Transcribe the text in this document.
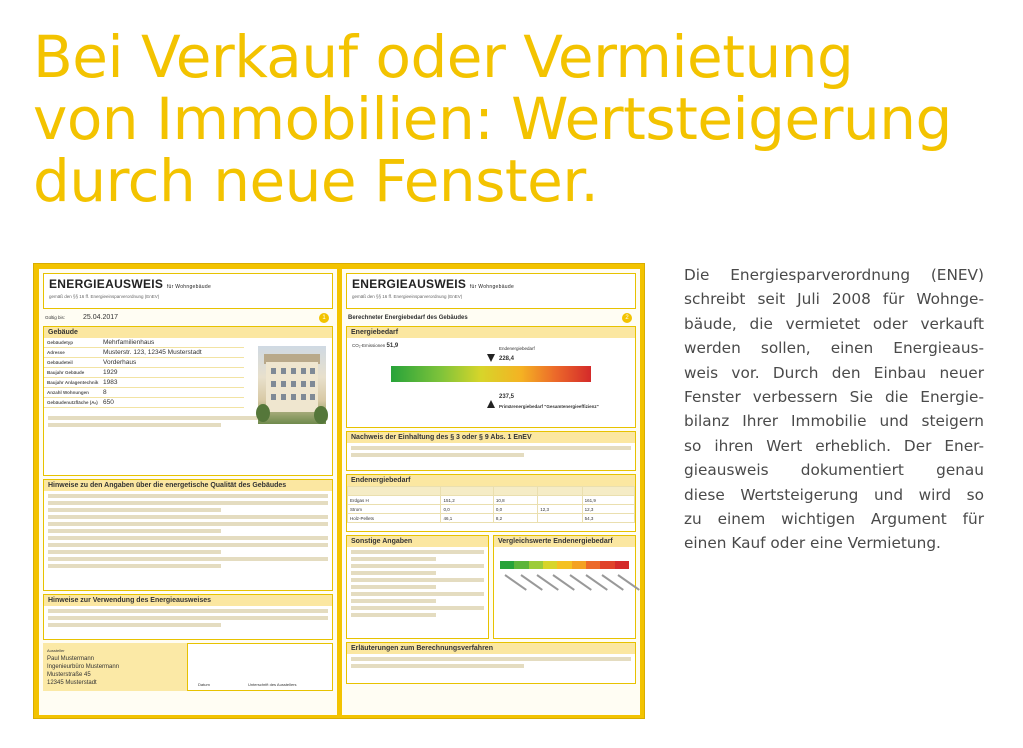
Bei Verkauf oder Vermietung
von Immobilien: Wertsteigerung
durch neue Fenster.
ENERGIEAUSWEIS für Wohngebäude
gemäß den §§ 16 ff. Energieeinsparverordnung (EnEV)
Gültig bis:	25.04.2017	1
Gebäude
Gebäudetyp	Mehrfamilienhaus
Adresse	Musterstr. 123, 12345 Musterstadt
Gebäudeteil	Vorderhaus
Baujahr Gebäude	1929
Baujahr Anlagentechnik 1983
Anzahl Wohnungen	8
Gebäudenutzfläche (Aₙ) 650
Hinweise zu den Angaben über die energetische Qualität des Gebäudes
Hinweise zur Verwendung des Energieausweises
Aussteller
Paul Mustermann
Ingenieurbüro Mustermann
Musterstraße 45
12345 Musterstadt	Datum	Unterschrift des Ausstellers
ENERGIEAUSWEIS für Wohngebäude
gemäß den §§ 16 ff. Energieeinsparverordnung (EnEV)
Berechneter Energiebedarf des Gebäudes	2
Energiebedarf
CO₂-Emissionen 51,9	Endenergiebedarf
228,4
237,5
Primärenergiebedarf "Gesamtenergieeffizienz"
Nachweis der Einhaltung des § 3 oder § 9 Abs. 1 EnEV
Endenergiebedarf

Erdgas H	151,2	10,8		161,9
Strom	0,0	0,0	12,3	12,3
Holz-Pellets	46,1	8,2		54,3
Sonstige Angaben	Vergleichswerte Endenergiebedarf
Erläuterungen zum Berechnungsverfahren
Die Energiesparverordnung (ENEV)
schreibt seit Juli 2008 für Wohnge-
bäude, die vermietet oder verkauft
werden sollen, einen Energieaus-
weis vor. Durch den Einbau neuer
Fenster verbessern Sie die Energie-
bilanz Ihrer Immobilie und steigern
so ihren Wert erheblich. Der Ener-
gieausweis dokumentiert genau
diese Wertsteigerung und wird so
zu einem wichtigen Argument für
einen Kauf oder eine Vermietung.
